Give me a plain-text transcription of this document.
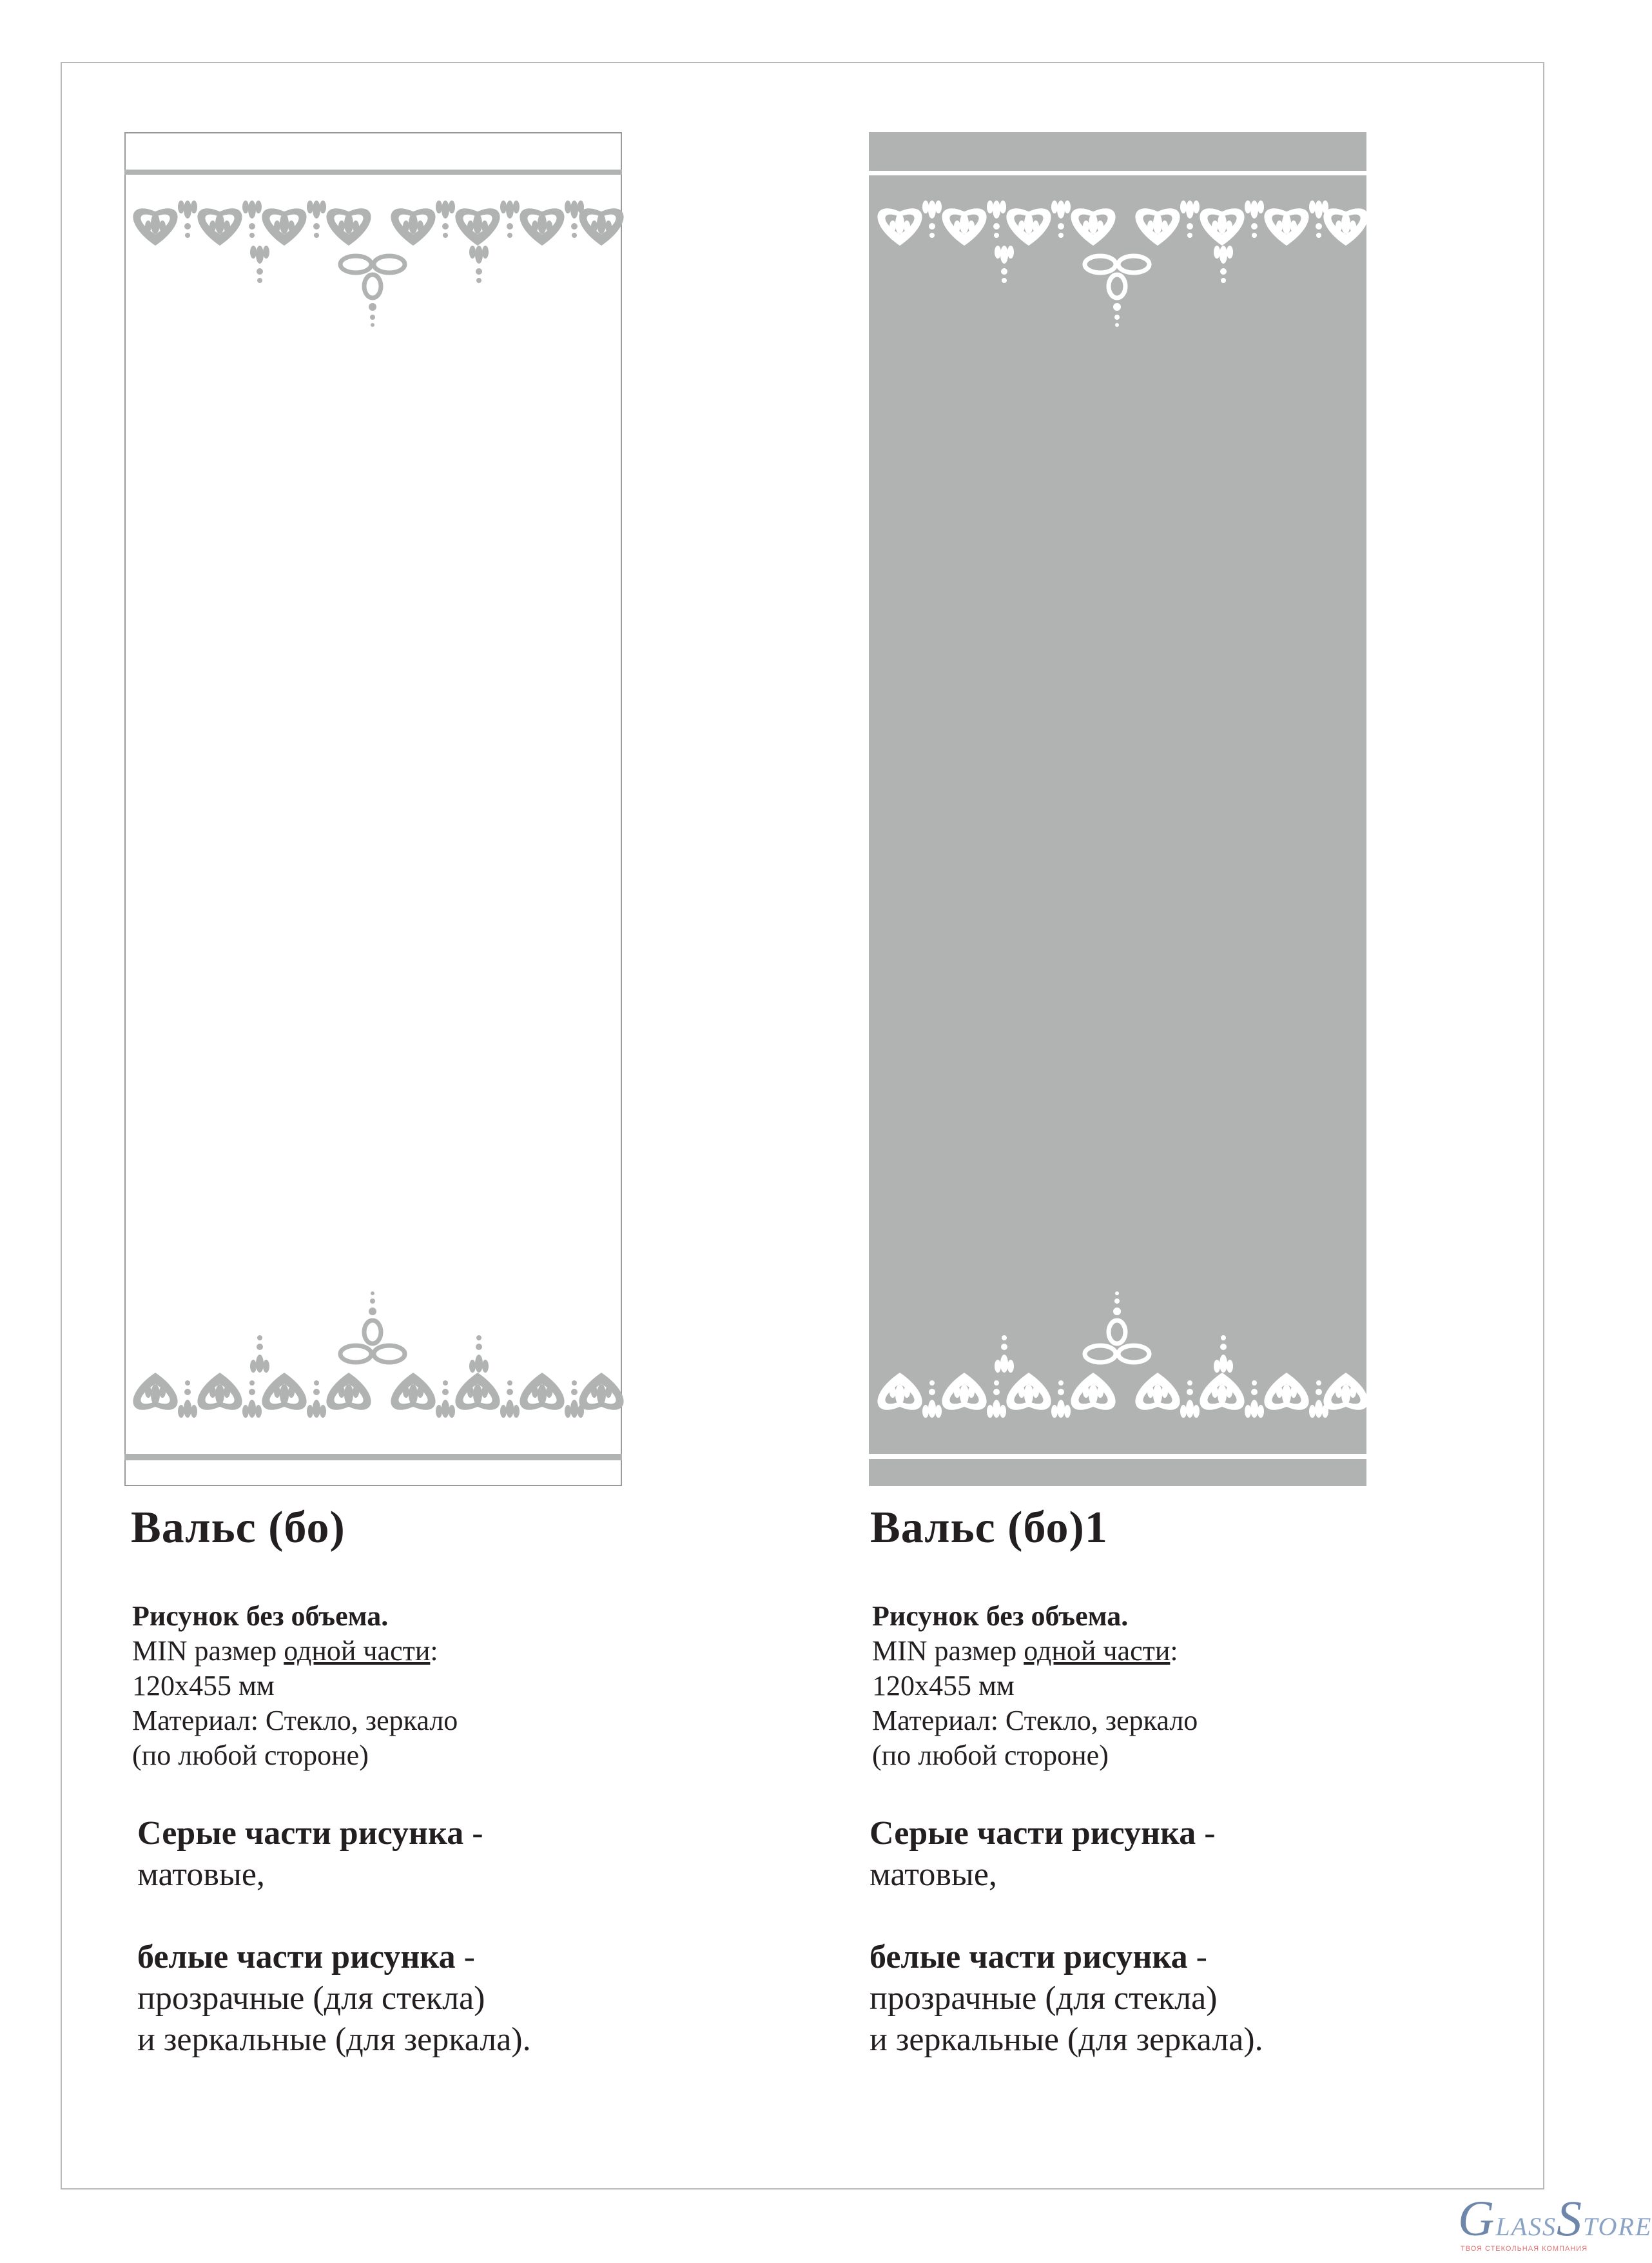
Вальс (бо)
Рисунок без объема.
MIN размер одной части:
120х455 мм
Материал: Стекло, зеркало
(по любой стороне)
Серые части рисунка -
матовые,
белые части рисунка -
прозрачные (для стекла)
и зеркальные (для зеркала).
Вальс (бо)1
Рисунок без объема.
MIN размер одной части:
120х455 мм
Материал: Стекло, зеркало
(по любой стороне)
Серые части рисунка -
матовые,
белые части рисунка -
прозрачные (для стекла)
и зеркальные (для зеркала).
GLASSSTORE
ТВОЯ СТЕКОЛЬНАЯ КОМПАНИЯ
